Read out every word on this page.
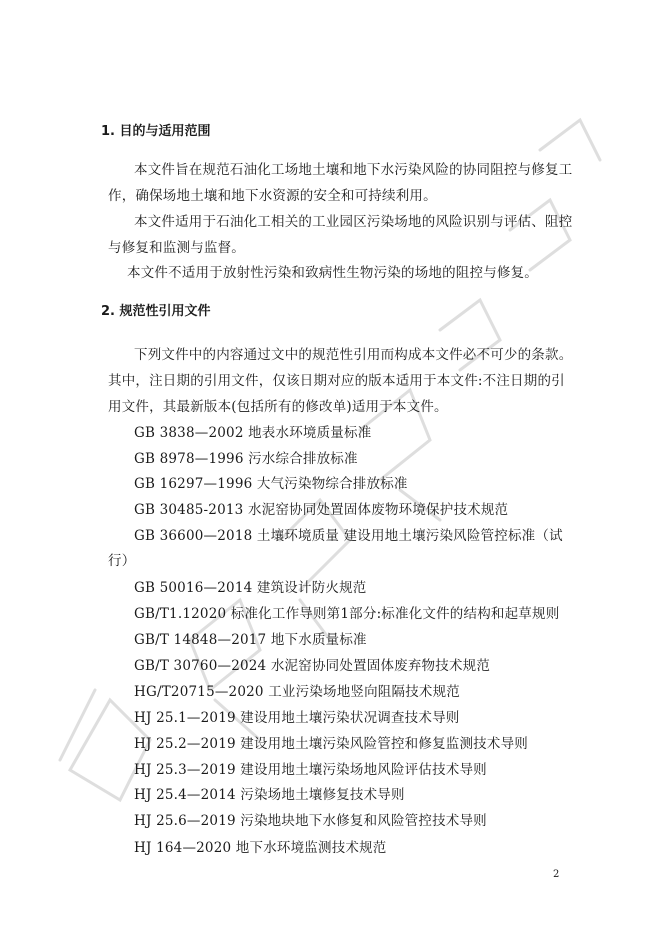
1. 目的与适用范围
本文件旨在规范石油化工场地土壤和地下水污染风险的协同阻控与修复工
作，确保场地土壤和地下水资源的安全和可持续利用。
本文件适用于石油化工相关的工业园区污染场地的风险识别与评估、阻控
与修复和监测与监督。
本文件不适用于放射性污染和致病性生物污染的场地的阻控与修复。
2. 规范性引用文件
下列文件中的内容通过文中的规范性引用而构成本文件必不可少的条款。
其中，注日期的引用文件，仅该日期对应的版本适用于本文件:不注日期的引
用文件，其最新版本(包括所有的修改单)适用于本文件。
GB 3838—2002 地表水环境质量标准
GB 8978—1996 污水综合排放标准
GB 16297—1996 大气污染物综合排放标准
GB 30485-2013 水泥窑协同处置固体废物环境保护技术规范
GB 36600—2018 土壤环境质量 建设用地土壤污染风险管控标准（试
行）
GB 50016—2014 建筑设计防火规范
GB/T1.12020 标准化工作导则第1部分:标准化文件的结构和起草规则
GB/T 14848—2017 地下水质量标准
GB/T 30760—2024 水泥窑协同处置固体废弃物技术规范
HG/T20715—2020 工业污染场地竖向阻隔技术规范
HJ 25.1—2019 建设用地土壤污染状况调查技术导则
HJ 25.2—2019 建设用地土壤污染风险管控和修复监测技术导则
HJ 25.3—2019 建设用地土壤污染场地风险评估技术导则
HJ 25.4—2014 污染场地土壤修复技术导则
HJ 25.6—2019 污染地块地下水修复和风险管控技术导则
HJ 164—2020 地下水环境监测技术规范
2
